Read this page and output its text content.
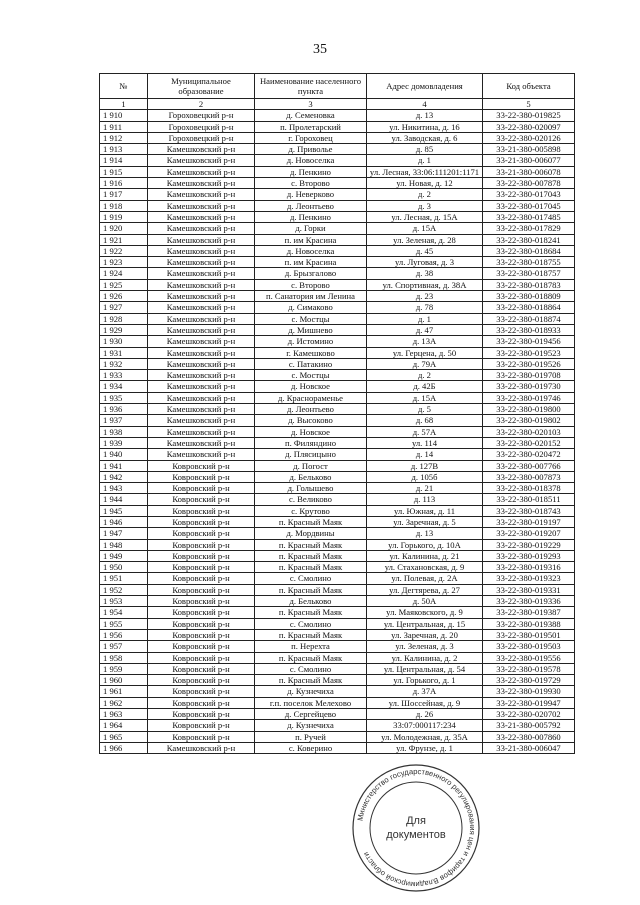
35
№	Муниципальное образование	Наименование населенного пункта	Адрес домовладения	Код объекта
1	2	3	4	5
1 910	Гороховецкий р-н	д. Семеновка	д. 13	33-22-380-019825
1 911	Гороховецкий р-н	п. Пролетарский	ул. Никитина, д. 16	33-22-380-020097
1 912	Гороховецкий р-н	г. Гороховец	ул. Заводская, д. 6	33-22-380-020126
1 913	Камешковский р-н	д. Приволье	д. 85	33-21-380-005898
1 914	Камешковский р-н	д. Новоселка	д. 1	33-21-380-006077
1 915	Камешковский р-н	д. Пенкино	ул. Лесная, 33:06:111201:1171	33-21-380-006078
1 916	Камешковский р-н	с. Второво	ул. Новая, д. 12	33-22-380-007878
1 917	Камешковский р-н	д. Неверково	д. 2	33-22-380-017043
1 918	Камешковский р-н	д. Леонтьево	д. 3	33-22-380-017045
1 919	Камешковский р-н	д. Пенкино	ул. Лесная, д. 15А	33-22-380-017485
1 920	Камешковский р-н	д. Горки	д. 15А	33-22-380-017829
1 921	Камешковский р-н	п. им Красина	ул. Зеленая, д. 28	33-22-380-018241
1 922	Камешковский р-н	д. Новоселка	д. 45	33-22-380-018684
1 923	Камешковский р-н	п. им Красина	ул. Луговая, д. 3	33-22-380-018755
1 924	Камешковский р-н	д. Брызгалово	д. 38	33-22-380-018757
1 925	Камешковский р-н	с. Второво	ул. Спортивная, д. 38А	33-22-380-018783
1 926	Камешковский р-н	п. Санатория им Ленина	д. 23	33-22-380-018809
1 927	Камешковский р-н	д. Симаково	д. 78	33-22-380-018864
1 928	Камешковский р-н	с. Мостцы	д. 1	33-22-380-018874
1 929	Камешковский р-н	д. Мишнево	д. 47	33-22-380-018933
1 930	Камешковский р-н	д. Истомино	д. 13А	33-22-380-019456
1 931	Камешковский р-н	г. Камешково	ул. Герцена, д. 50	33-22-380-019523
1 932	Камешковский р-н	с. Патакино	д. 79А	33-22-380-019526
1 933	Камешковский р-н	с. Мостцы	д. 2	33-22-380-019708
1 934	Камешковский р-н	д. Новское	д. 42Б	33-22-380-019730
1 935	Камешковский р-н	д. Краснораменье	д. 15А	33-22-380-019746
1 936	Камешковский р-н	д. Леонтьево	д. 5	33-22-380-019800
1 937	Камешковский р-н	д. Высоково	д. 68	33-22-380-019802
1 938	Камешковский р-н	д. Новское	д. 57А	33-22-380-020103
1 939	Камешковский р-н	п. Филяндино	ул. 114	33-22-380-020152
1 940	Камешковский р-н	д. Плясицыно	д. 14	33-22-380-020472
1 941	Ковровский р-н	д. Погост	д. 127В	33-22-380-007766
1 942	Ковровский р-н	д. Бельково	д. 105б	33-22-380-007873
1 943	Ковровский р-н	д. Голышево	д. 21	33-22-380-018378
1 944	Ковровский р-н	с. Великово	д. 113	33-22-380-018511
1 945	Ковровский р-н	с. Крутово	ул. Южная, д. 11	33-22-380-018743
1 946	Ковровский р-н	п. Красный Маяк	ул. Заречная, д. 5	33-22-380-019197
1 947	Ковровский р-н	д. Мордвины	д. 13	33-22-380-019207
1 948	Ковровский р-н	п. Красный Маяк	ул. Горького, д. 10А	33-22-380-019229
1 949	Ковровский р-н	п. Красный Маяк	ул. Калинина, д. 21	33-22-380-019293
1 950	Ковровский р-н	п. Красный Маяк	ул. Стахановская, д. 9	33-22-380-019316
1 951	Ковровский р-н	с. Смолино	ул. Полевая, д. 2А	33-22-380-019323
1 952	Ковровский р-н	п. Красный Маяк	ул. Дегтярева, д. 27	33-22-380-019331
1 953	Ковровский р-н	д. Бельково	д. 50А	33-22-380-019336
1 954	Ковровский р-н	п. Красный Маяк	ул. Маяковского, д. 9	33-22-380-019387
1 955	Ковровский р-н	с. Смолино	ул. Центральная, д. 15	33-22-380-019388
1 956	Ковровский р-н	п. Красный Маяк	ул. Заречная, д. 20	33-22-380-019501
1 957	Ковровский р-н	п. Нерехта	ул. Зеленая, д. 3	33-22-380-019503
1 958	Ковровский р-н	п. Красный Маяк	ул. Калинина, д. 2	33-22-380-019556
1 959	Ковровский р-н	с. Смолино	ул. Центральная, д. 54	33-22-380-019578
1 960	Ковровский р-н	п. Красный Маяк	ул. Горького, д. 1	33-22-380-019729
1 961	Ковровский р-н	д. Кузнечиха	д. 37А	33-22-380-019930
1 962	Ковровский р-н	г.п. поселок Мелехово	ул. Шоссейная, д. 9	33-22-380-019947
1 963	Ковровский р-н	д. Сергейцево	д. 26	33-22-380-020702
1 964	Ковровский р-н	д. Кузнечиха	33:07:000117:234	33-21-380-005792
1 965	Ковровский р-н	п. Ручей	ул. Молодежная, д. 35А	33-22-380-007860
1 966	Камешковский р-н	с. Коверино	ул. Фрунзе, д. 1	33-21-380-006047
Министерство государственного регулирования цен и тарифов Владимирской области
Для
документов
